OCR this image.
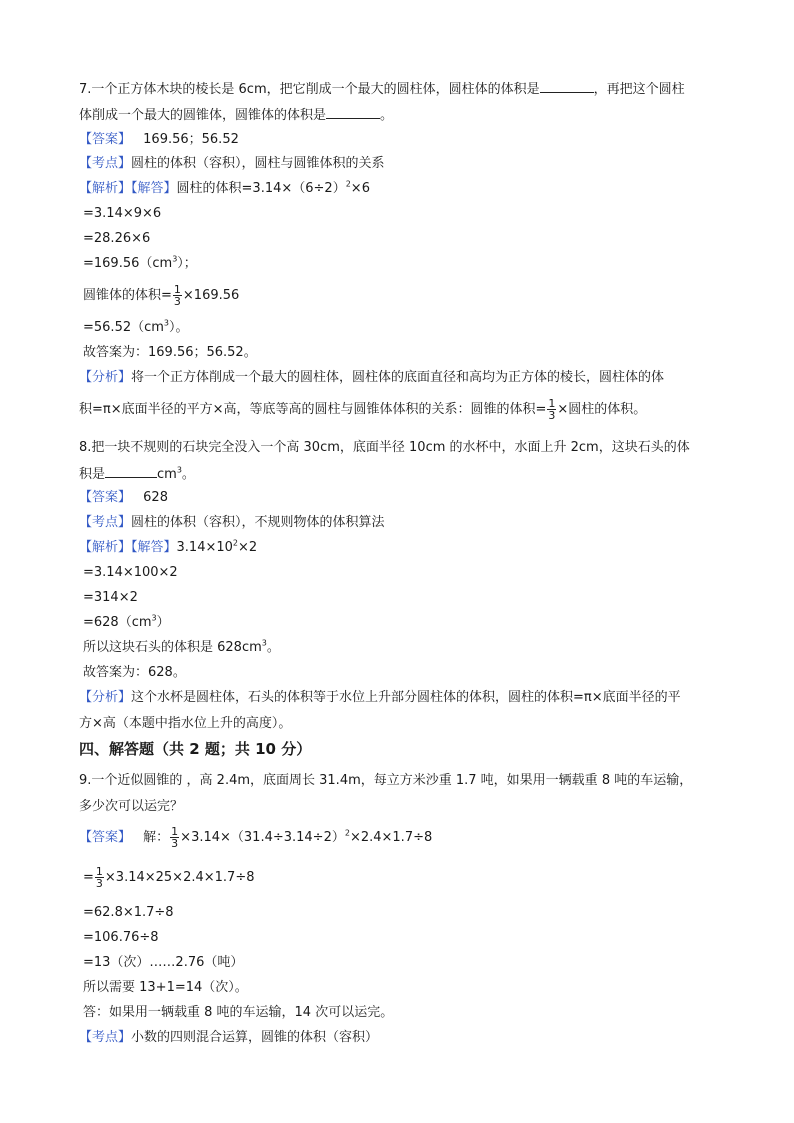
7.一个正方体木块的棱长是 6cm，把它削成一个最大的圆柱体，圆柱体的体积是	，再把这个圆柱
体削成一个最大的圆锥体，圆锥体的体积是	。
【答案】 169.56；56.52
【考点】圆柱的体积（容积），圆柱与圆锥体积的关系
【解析】【解答】圆柱的体积$=3.14\times(6\div 2)^2\times 6$
=3.14×9×6
=28.26×6
$=169.56(cm^3)$；
圆锥体的体积= $\frac{1}{3} \times 169.56$
$=56.52(cm^3)$。
故答案为：169.56；56.52。
【分析】将一个正方体削成一个最大的圆柱体，圆柱体的底面直径和高均为正方体的棱长，圆柱体的体
积=π×底面半径的平方×高，等底等高的圆柱与圆锥体体积的关系：圆锥的体积= $\frac{1}{3}$ ×圆柱的体积。
8.把一块不规则的石块完全没入一个高 30cm，底面半径 10cm 的水杯中，水面上升 2cm，这块石头的体
积是	$cm^3$。
【答案】 628
【考点】圆柱的体积（容积），不规则物体的体积算法
【解析】【解答】$3.14\times 10^2\times 2$
=3.14×100×2
=314×2
$=628(cm^3)$
所以这块石头的体积是 $628cm^3$。
故答案为：628。
【分析】这个水杯是圆柱体，石头的体积等于水位上升部分圆柱体的体积，圆柱的体积=π×底面半径的平
方×高（本题中指水位上升的高度）。
四、解答题（共 2 题；共 10 分）
9.一个近似圆锥的 ，高 2.4m，底面周长 31.4m，每立方米沙重 1.7 吨，如果用一辆载重 8 吨的车运输，
多少次可以运完？
【答案】 解： $\frac{1}{3} \times 3.14\times(31.4\div 3.14\div 2)^2\times 2.4\times 1.7\div 8$
= $\frac{1}{3} \times 3.14\times 25\times 2.4\times 1.7\div 8$
=62.8×1.7÷8
=106.76÷8
=13（次）……2.76（吨）
所以需要 13+1=14（次）。
答：如果用一辆载重 8 吨的车运输，14 次可以运完。
【考点】小数的四则混合运算，圆锥的体积（容积）
